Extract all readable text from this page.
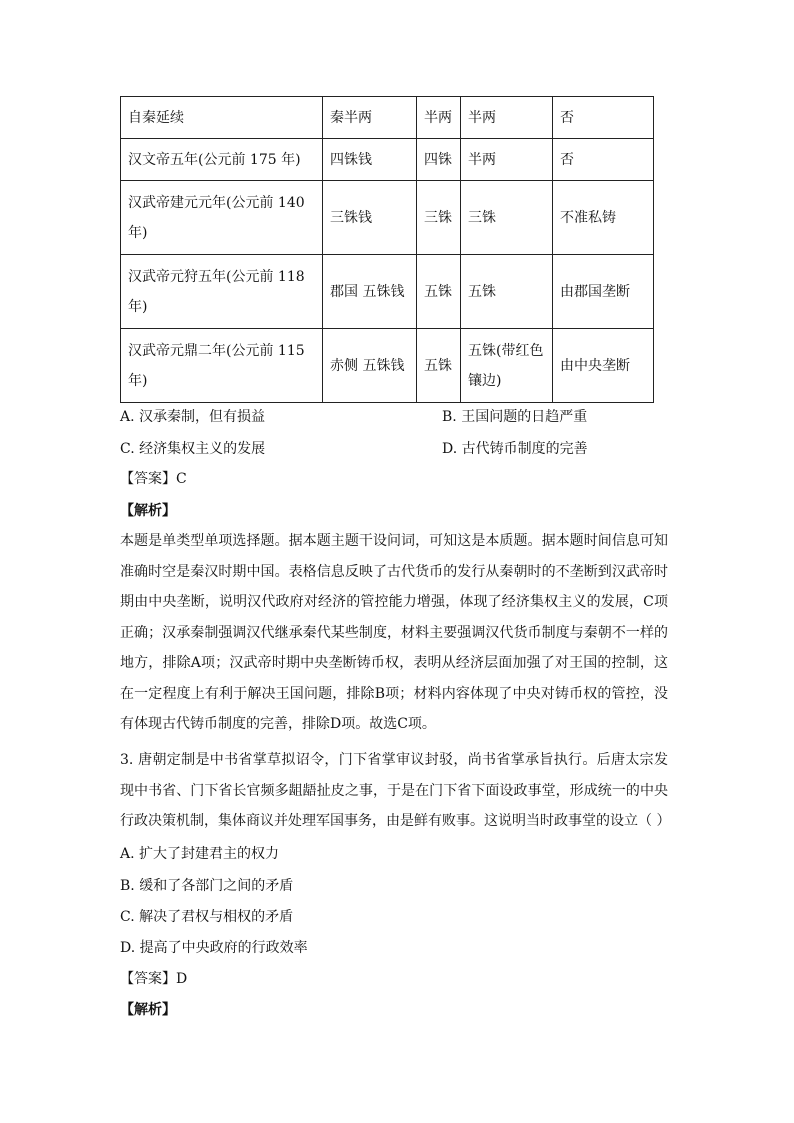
自秦延续	秦半两	半两	半两	否
汉文帝五年(公元前 175 年)	四铢钱	四铢	半两	否
汉武帝建元元年(公元前 140 年)	三铢钱	三铢	三铢	不准私铸
汉武帝元狩五年(公元前 118 年)	郡国 五铢钱	五铢	五铢	由郡国垄断
汉武帝元鼎二年(公元前 115 年)	赤侧 五铢钱	五铢	五铢(带红色镶边)	由中央垄断
A. 汉承秦制，但有损益	B. 王国问题的日趋严重
C. 经济集权主义的发展	D. 古代铸币制度的完善
【答案】C
【解析】
本题是单类型单项选择题。据本题主题干设问词，可知这是本质题。据本题时间信息可知准确时空是秦汉时期中国。表格信息反映了古代货币的发行从秦朝时的不垄断到汉武帝时期由中央垄断，说明汉代政府对经济的管控能力增强，体现了经济集权主义的发展，C项正确；汉承秦制强调汉代继承秦代某些制度，材料主要强调汉代货币制度与秦朝不一样的地方，排除A项；汉武帝时期中央垄断铸币权，表明从经济层面加强了对王国的控制，这在一定程度上有利于解决王国问题，排除B项；材料内容体现了中央对铸币权的管控，没有体现古代铸币制度的完善，排除D项。故选C项。
3. 唐朝定制是中书省掌草拟诏令，门下省掌审议封驳，尚书省掌承旨执行。后唐太宗发现中书省、门下省长官频多龃龉扯皮之事，于是在门下省下面设政事堂，形成统一的中央行政决策机制，集体商议并处理军国事务，由是鲜有败事。这说明当时政事堂的设立（ ）
A. 扩大了封建君主的权力
B. 缓和了各部门之间的矛盾
C. 解决了君权与相权的矛盾
D. 提高了中央政府的行政效率
【答案】D
【解析】
